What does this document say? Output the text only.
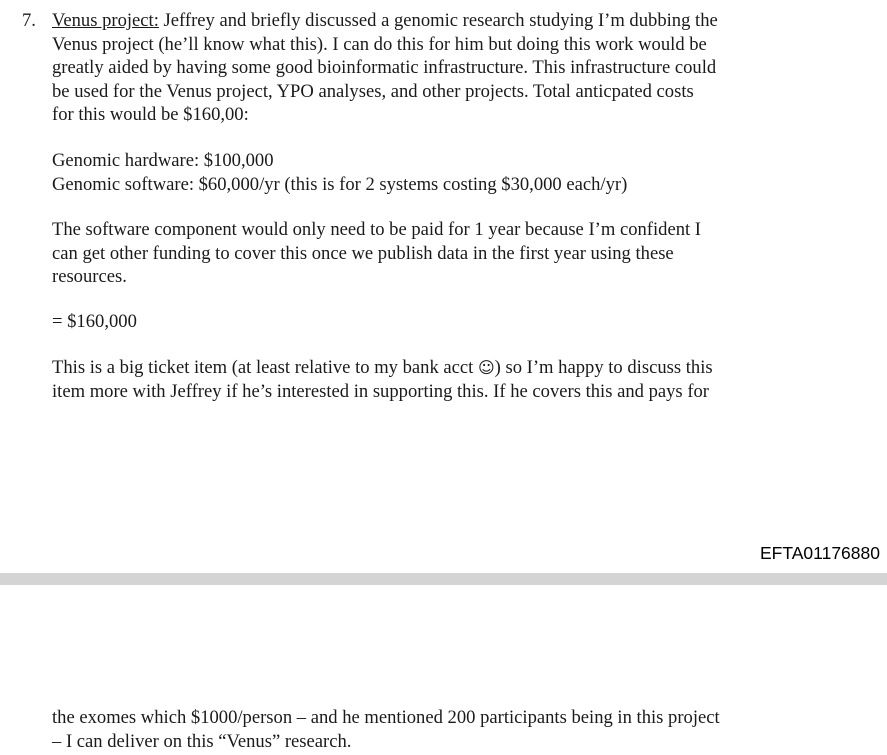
7. Venus project: Jeffrey and briefly discussed a genomic research studying I’m dubbing the
Venus project (he’ll know what this). I can do this for him but doing this work would be
greatly aided by having some good bioinformatic infrastructure. This infrastructure could
be used for the Venus project, YPO analyses, and other projects. Total anticpated costs
for this would be $160,00:

Genomic hardware: $100,000
Genomic software: $60,000/yr (this is for 2 systems costing $30,000 each/yr)

The software component would only need to be paid for 1 year because I’m confident I
can get other funding to cover this once we publish data in the first year using these
resources.

= $160,000

This is a big ticket item (at least relative to my bank acct ☺) so I’m happy to discuss this
item more with Jeffrey if he’s interested in supporting this. If he covers this and pays for

EFTA01176880

the exomes which $1000/person – and he mentioned 200 participants being in this project
– I can deliver on this “Venus” research.
